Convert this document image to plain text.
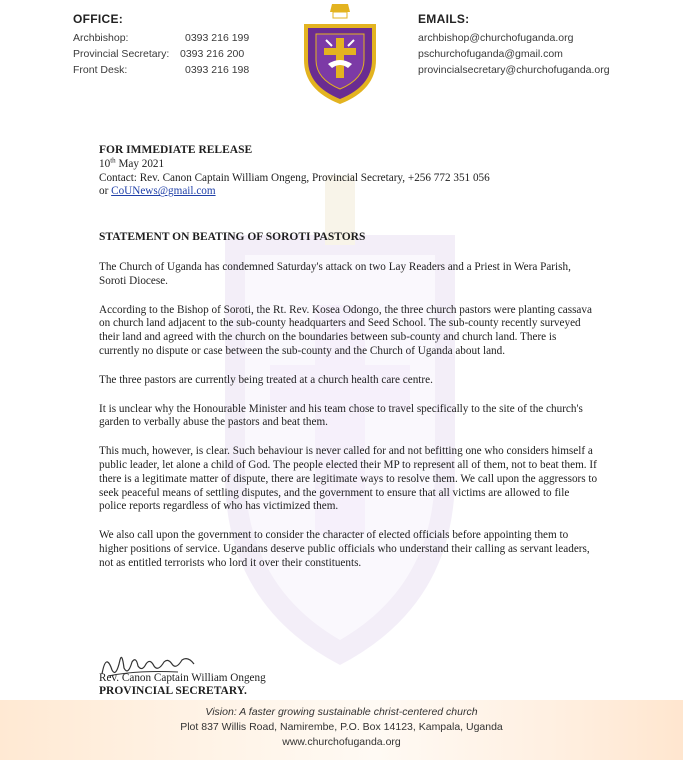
OFFICE:
Archbishop:	0393 216 199
Provincial Secretary:	0393 216 200
Front Desk:	0393 216 198
EMAILS:
archbishop@churchofuganda.org
pschurchofuganda@gmail.com
provincialsecretary@churchofuganda.org
FOR IMMEDIATE RELEASE
10th May 2021
Contact: Rev. Canon Captain William Ongeng, Provincial Secretary, +256 772 351 056
or CoUNews@gmail.com
STATEMENT ON BEATING OF SOROTI PASTORS

The Church of Uganda has condemned Saturday's attack on two Lay Readers and a Priest in Wera Parish, Soroti Diocese.

According to the Bishop of Soroti, the Rt. Rev. Kosea Odongo, the three church pastors were planting cassava on church land adjacent to the sub-county headquarters and Seed School. The sub-county recently surveyed their land and agreed with the church on the boundaries between sub-county and church land. There is currently no dispute or case between the sub-county and the Church of Uganda about land.

The three pastors are currently being treated at a church health care centre.

It is unclear why the Honourable Minister and his team chose to travel specifically to the site of the church's garden to verbally abuse the pastors and beat them.

This much, however, is clear. Such behaviour is never called for and not befitting one who considers himself a public leader, let alone a child of God. The people elected their MP to represent all of them, not to beat them. If there is a legitimate matter of dispute, there are legitimate ways to resolve them. We call upon the aggressors to seek peaceful means of settling disputes, and the government to ensure that all victims are allowed to file police reports regardless of who has victimized them.

We also call upon the government to consider the character of elected officials before appointing them to higher positions of service. Ugandans deserve public officials who understand their calling as servant leaders, not as entitled terrorists who lord it over their constituents.

Rev. Canon Captain William Ongeng
PROVINCIAL SECRETARY.
Vision: A faster growing sustainable christ-centered church
Plot 837 Willis Road, Namirembe, P.O. Box 14123, Kampala, Uganda
www.churchofuganda.org
